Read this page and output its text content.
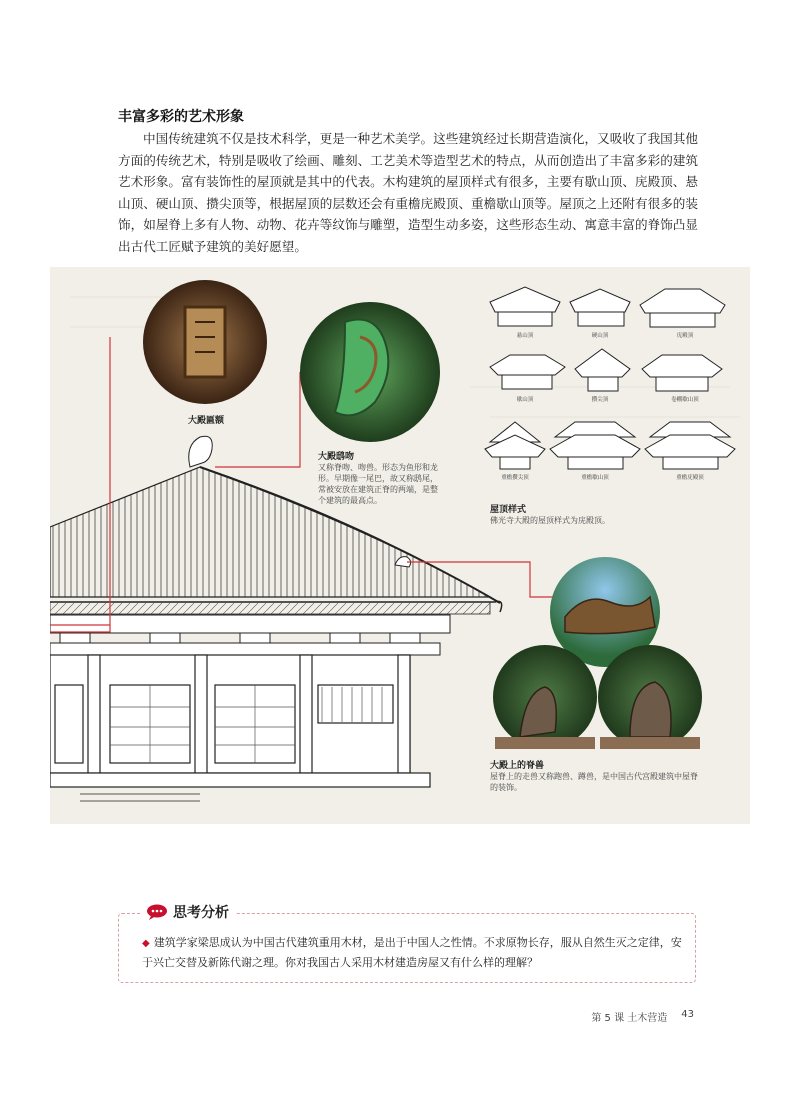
丰富多彩的艺术形象

中国传统建筑不仅是技术科学，更是一种艺术美学。这些建筑经过长期营造演化，又吸收了我国其他方面的传统艺术，特别是吸收了绘画、雕刻、工艺美术等造型艺术的特点，从而创造出了丰富多彩的建筑艺术形象。富有装饰性的屋顶就是其中的代表。木构建筑的屋顶样式有很多，主要有歇山顶、庑殿顶、悬山顶、硬山顶、攒尖顶等，根据屋顶的层数还会有重檐庑殿顶、重檐歇山顶等。屋顶之上还附有很多的装饰，如屋脊上多有人物、动物、花卉等纹饰与雕塑，造型生动多姿，这些形态生动、寓意丰富的脊饰凸显出古代工匠赋予建筑的美好愿望。

悬山顶	硬山顶	庑殿顶
歇山顶	攒尖顶	卷棚歇山顶
重檐攒尖顶	重檐歇山顶	重檐庑殿顶
大殿匾额
大殿鸱吻
又称脊吻、吻兽。形态为鱼形和龙形。早期像一尾巴，故又称鸱尾，常被安放在建筑正脊的两端，是整个建筑的最高点。
屋顶样式
佛光寺大殿的屋顶样式为庑殿顶。
大殿上的脊兽
屋脊上的走兽又称跑兽、蹲兽，是中国古代宫殿建筑中屋脊的装饰。
思考分析

◆ 建筑学家梁思成认为中国古代建筑重用木材，是出于中国人之性情。不求原物长存，服从自然生灭之定律，安于兴亡交替及新陈代谢之理。你对我国古人采用木材建造房屋又有什么样的理解？

第 5 课 土木营造 43
